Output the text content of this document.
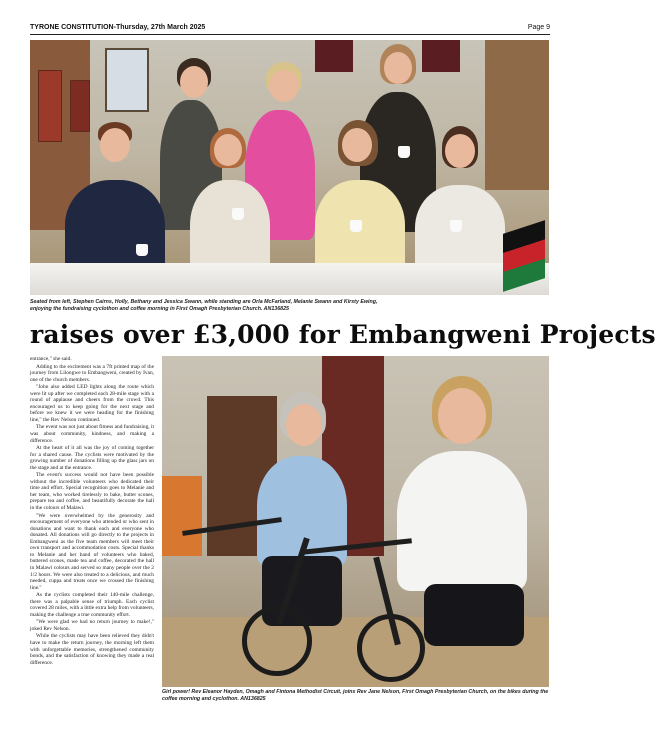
TYRONE CONSTITUTION-Thursday, 27th March 2025	Page 9
Seated from left, Stephen Cairns, Holly, Bethany and Jessica Swann, while standing are Orla McFarland, Melanie Swann and Kirsty Ewing, enjoying the fundraising cyclothon and coffee morning in First Omagh Presbyterian Church. AN136825
raises over £3,000 for Embangweni Projects

entrance," she said.

Adding to the excitement was a 7ft printed map of the journey from Lilongwe to Embangweni, created by Ivan, one of the church members.

"John also added LED lights along the route which were lit up after we completed each 28-mile stage with a round of applause and cheers from the crowd. This encouraged us to keep going for the next stage and before we knew it we were heading for the finishing line," the Rev Nelson continued.

The event was not just about fitness and fundraising, it was about community, kindness, and making a difference.

At the heart of it all was the joy of coming together for a shared cause. The cyclists were motivated by the growing number of donations filling up the glass jars on the stage and at the entrance.

The event's success would not have been possible without the incredible volunteers who dedicated their time and effort. Special recognition goes to Melanie and her team, who worked tirelessly to bake, butter scones, prepare tea and coffee, and beautifully decorate the hall in the colours of Malawi.

"We were overwhelmed by the generosity and encouragement of everyone who attended or who sent in donations and want to thank each and everyone who donated. All donations will go directly to the projects in Embangweni as the five team members will meet their own transport and accommodation costs. Special thanks to Melanie and her band of volunteers who baked, buttered scones, made tea and coffee, decorated the hall in Malawi colours and served so many people over the 2 1/2 hours. We were also treated to a delicious, and much needed, cuppa and treats once we crossed the finishing line."

As the cyclists completed their 140-mile challenge, there was a palpable sense of triumph. Each cyclist covered 28 miles, with a little extra help from volunteers, making the challenge a true community effort.

"We were glad we had no return journey to make!," joked Rev Nelson.

While the cyclists may have been relieved they didn't have to make the return journey, the morning left them with unforgettable memories, strengthened community bonds, and the satisfaction of knowing they made a real difference.

Girl power! Rev Eleanor Hayden, Omagh and Fintona Methodist Circuit, joins Rev Jane Nelson, First Omagh Presbyterian Church, on the bikes during the coffee morning and cyclothon. AN136825
